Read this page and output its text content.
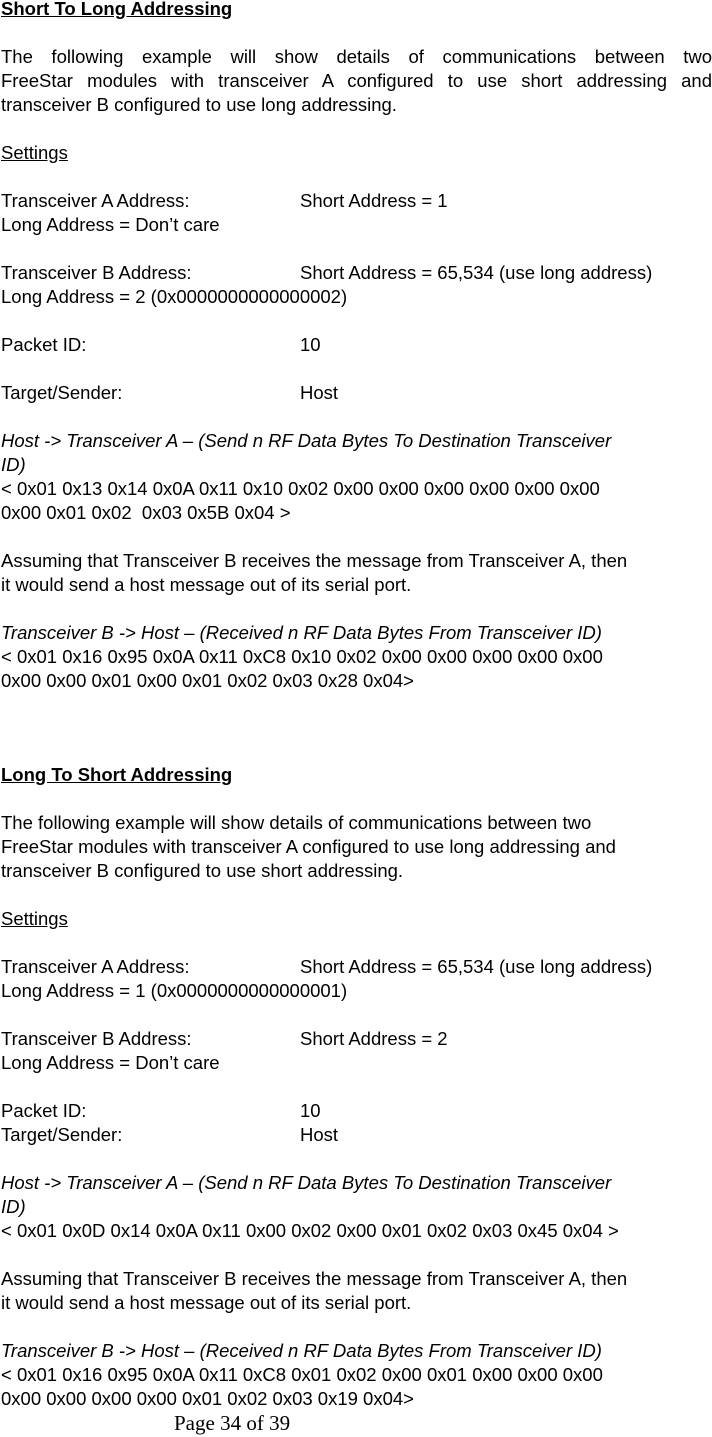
Short To Long Addressing
The following example will show details of communications between two
FreeStar modules with transceiver A configured to use short addressing and
transceiver B configured to use long addressing.
Settings
Transceiver A Address:	Short Address = 1
Long Address = Don’t care
Transceiver B Address:	Short Address = 65,534 (use long address)
Long Address = 2 (0x0000000000000002)
Packet ID:	10
Target/Sender:	Host
Host -> Transceiver A – (Send n RF Data Bytes To Destination Transceiver
ID)
< 0x01 0x13 0x14 0x0A 0x11 0x10 0x02 0x00 0x00 0x00 0x00 0x00 0x00
0x00 0x01 0x02  0x03 0x5B 0x04 >
Assuming that Transceiver B receives the message from Transceiver A, then
it would send a host message out of its serial port.
Transceiver B -> Host – (Received n RF Data Bytes From Transceiver ID)
< 0x01 0x16 0x95 0x0A 0x11 0xC8 0x10 0x02 0x00 0x00 0x00 0x00 0x00
0x00 0x00 0x01 0x00 0x01 0x02 0x03 0x28 0x04>
Long To Short Addressing
The following example will show details of communications between two
FreeStar modules with transceiver A configured to use long addressing and
transceiver B configured to use short addressing.
Settings
Transceiver A Address:	Short Address = 65,534 (use long address)
Long Address = 1 (0x0000000000000001)
Transceiver B Address:	Short Address = 2
Long Address = Don’t care
Packet ID:	10
Target/Sender:	Host
Host -> Transceiver A – (Send n RF Data Bytes To Destination Transceiver
ID)
< 0x01 0x0D 0x14 0x0A 0x11 0x00 0x02 0x00 0x01 0x02 0x03 0x45 0x04 >
Assuming that Transceiver B receives the message from Transceiver A, then
it would send a host message out of its serial port.
Transceiver B -> Host – (Received n RF Data Bytes From Transceiver ID)
< 0x01 0x16 0x95 0x0A 0x11 0xC8 0x01 0x02 0x00 0x01 0x00 0x00 0x00
0x00 0x00 0x00 0x00 0x01 0x02 0x03 0x19 0x04>
Page 34 of 39
